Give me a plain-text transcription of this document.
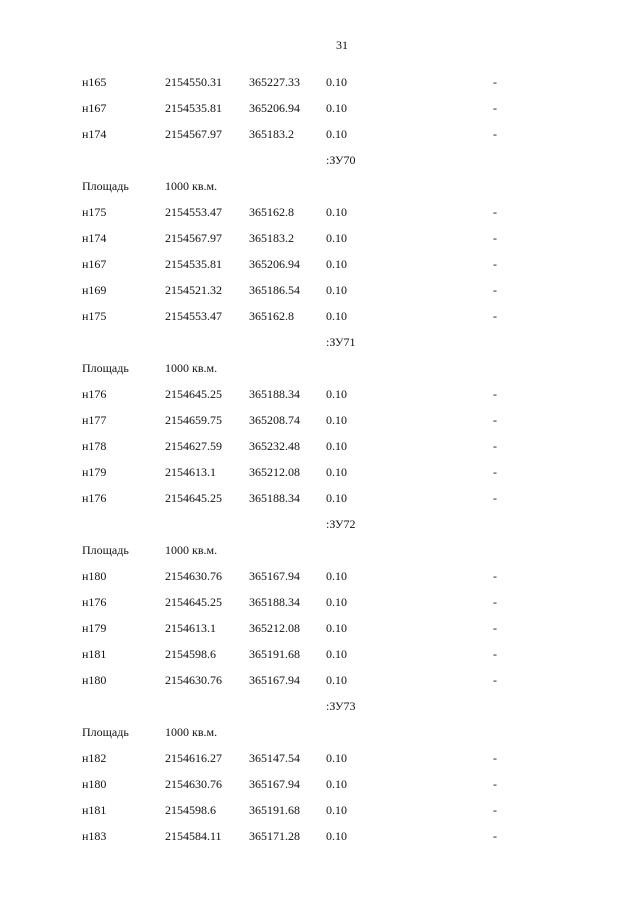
31
н165	2154550.31 365227.33 0.10	-
н167	2154535.81 365206.94 0.10	-
н174	2154567.97 365183.2	0.10	-
:ЗУ70
Площадь	1000 кв.м.
н175	2154553.47 365162.8	0.10	-
н174	2154567.97 365183.2	0.10	-
н167	2154535.81 365206.94 0.10	-
н169	2154521.32 365186.54 0.10	-
н175	2154553.47 365162.8	0.10	-
:ЗУ71
Площадь	1000 кв.м.
н176	2154645.25 365188.34 0.10	-
н177	2154659.75 365208.74 0.10	-
н178	2154627.59 365232.48 0.10	-
н179	2154613.1	365212.08 0.10	-
н176	2154645.25 365188.34 0.10	-
:ЗУ72
Площадь	1000 кв.м.
н180	2154630.76 365167.94 0.10	-
н176	2154645.25 365188.34 0.10	-
н179	2154613.1	365212.08 0.10	-
н181	2154598.6	365191.68 0.10	-
н180	2154630.76 365167.94 0.10	-
:ЗУ73
Площадь	1000 кв.м.
н182	2154616.27 365147.54 0.10	-
н180	2154630.76 365167.94 0.10	-
н181	2154598.6	365191.68 0.10	-
н183	2154584.11 365171.28 0.10	-
